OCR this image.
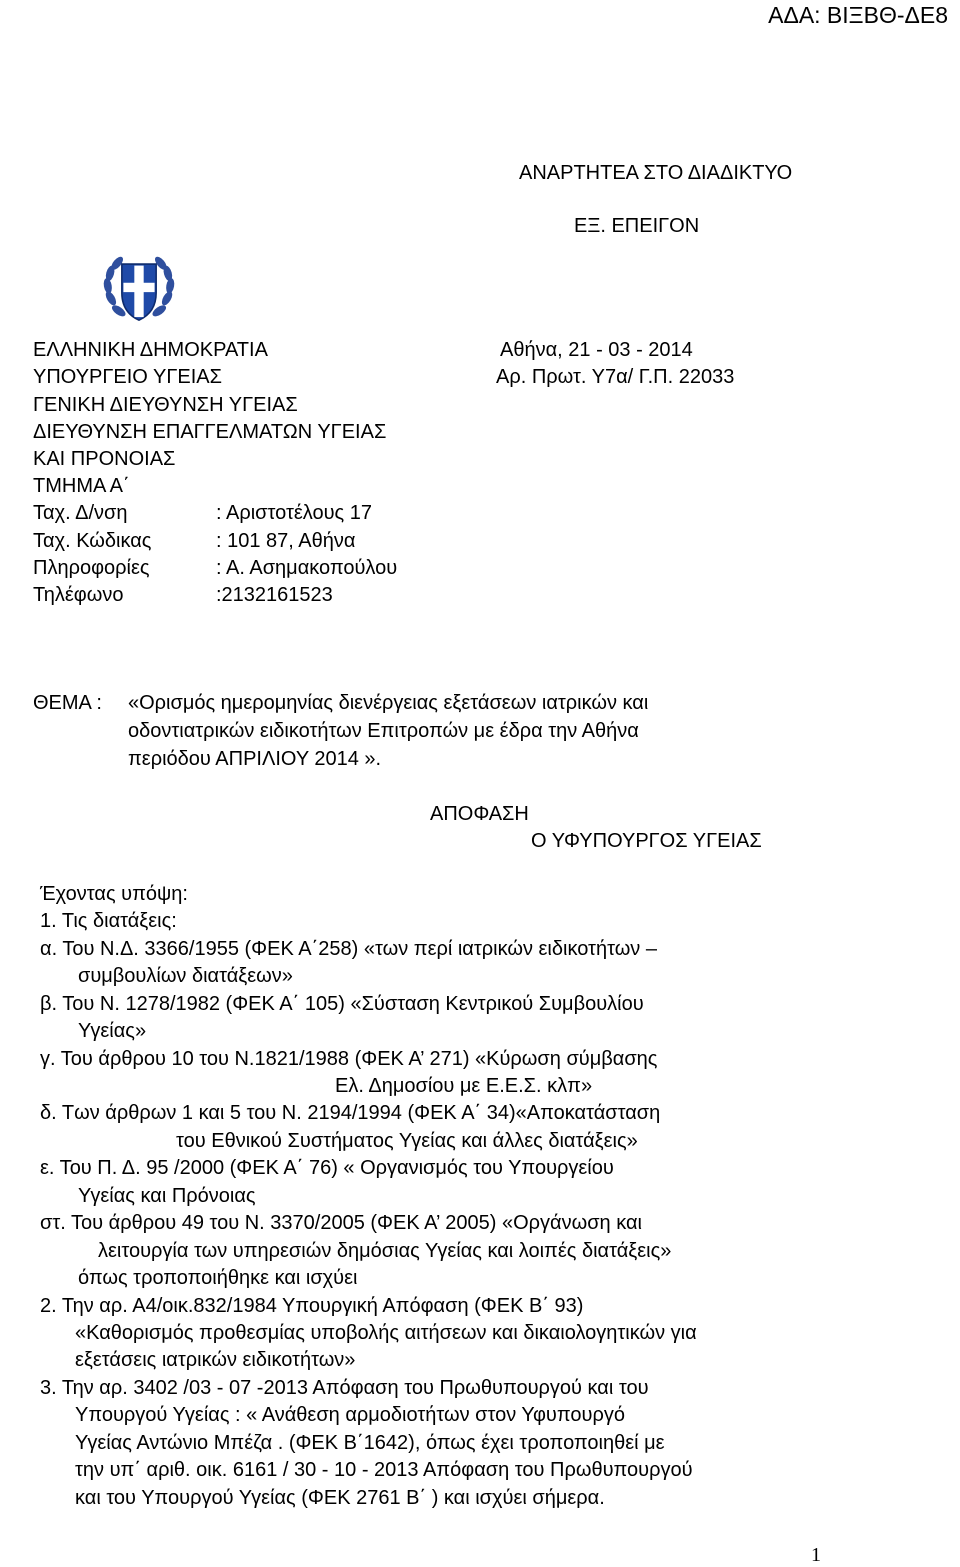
ΑΔΑ: ΒΙΞΒΘ-ΔΕ8
ΑΝΑΡΤΗΤΕΑ ΣΤΟ ΔΙΑΔΙΚΤΥΟ
ΕΞ. ΕΠΕΙΓΟΝ
ΕΛΛΗΝΙΚΗ ΔΗΜΟΚΡΑΤΙΑ
ΥΠΟΥΡΓΕΙΟ ΥΓΕΙΑΣ
ΓΕΝΙΚΗ ΔΙΕΥΘΥΝΣΗ ΥΓΕΙΑΣ
ΔΙΕΥΘΥΝΣΗ ΕΠΑΓΓΕΛΜΑΤΩΝ ΥΓΕΙΑΣ
ΚΑΙ ΠΡΟΝΟΙΑΣ
ΤΜΗΜΑ Α΄
Ταχ. Δ/νση	: Αριστοτέλους 17
Ταχ. Κώδικας	: 101 87, Αθήνα
Πληροφορίες	: Α. Ασημακοπούλου
Τηλέφωνο	:2132161523
Αθήνα, 21 - 03 - 2014
Αρ. Πρωτ. Υ7α/ Γ.Π. 22033
ΘΕΜΑ : «Ορισμός ημερομηνίας διενέργειας εξετάσεων ιατρικών και
οδοντιατρικών ειδικοτήτων Επιτροπών με έδρα την Αθήνα
περιόδου ΑΠΡΙΛΙΟΥ 2014 ».
ΑΠΟΦΑΣΗ
Ο ΥΦΥΠΟΥΡΓΟΣ ΥΓΕΙΑΣ
Έχοντας υπόψη:
1. Τις διατάξεις:
α. Του Ν.Δ. 3366/1955 (ΦΕΚ Α΄258) «των περί ιατρικών ειδικοτήτων –
συμβουλίων διατάξεων»
β. Του Ν. 1278/1982 (ΦΕΚ Α΄ 105) «Σύσταση Κεντρικού Συμβουλίου
Υγείας»
γ. Του άρθρου 10 του Ν.1821/1988 (ΦΕΚ Α’ 271) «Κύρωση σύμβασης
Ελ. Δημοσίου με Ε.Ε.Σ. κλπ»
δ. Των άρθρων 1 και 5 του Ν. 2194/1994 (ΦΕΚ Α΄ 34)«Αποκατάσταση
του Εθνικού Συστήματος Υγείας και άλλες διατάξεις»
ε. Του Π. Δ. 95 /2000 (ΦΕΚ Α΄ 76) « Οργανισμός του Υπουργείου
Υγείας και Πρόνοιας
στ. Του άρθρου 49 του Ν. 3370/2005 (ΦΕΚ Α’ 2005) «Οργάνωση και
λειτουργία των υπηρεσιών δημόσιας Υγείας και λοιπές διατάξεις»
όπως τροποποιήθηκε και ισχύει
2. Την αρ. Α4/οικ.832/1984 Υπουργική Απόφαση (ΦΕΚ Β΄ 93)
«Καθορισμός προθεσμίας υποβολής αιτήσεων και δικαιολογητικών για
εξετάσεις ιατρικών ειδικοτήτων»
3. Την αρ. 3402 /03 - 07 -2013 Απόφαση του Πρωθυπουργού και του
Υπουργού Υγείας : « Ανάθεση αρμοδιοτήτων στον Υφυπουργό
Υγείας Αντώνιο Μπέζα . (ΦΕΚ Β΄1642), όπως έχει τροποποιηθεί με
την υπ΄ αριθ. οικ. 6161 / 30 - 10 - 2013 Απόφαση του Πρωθυπουργού
και του Υπουργού Υγείας (ΦΕΚ 2761 Β΄ ) και ισχύει σήμερα.
1
